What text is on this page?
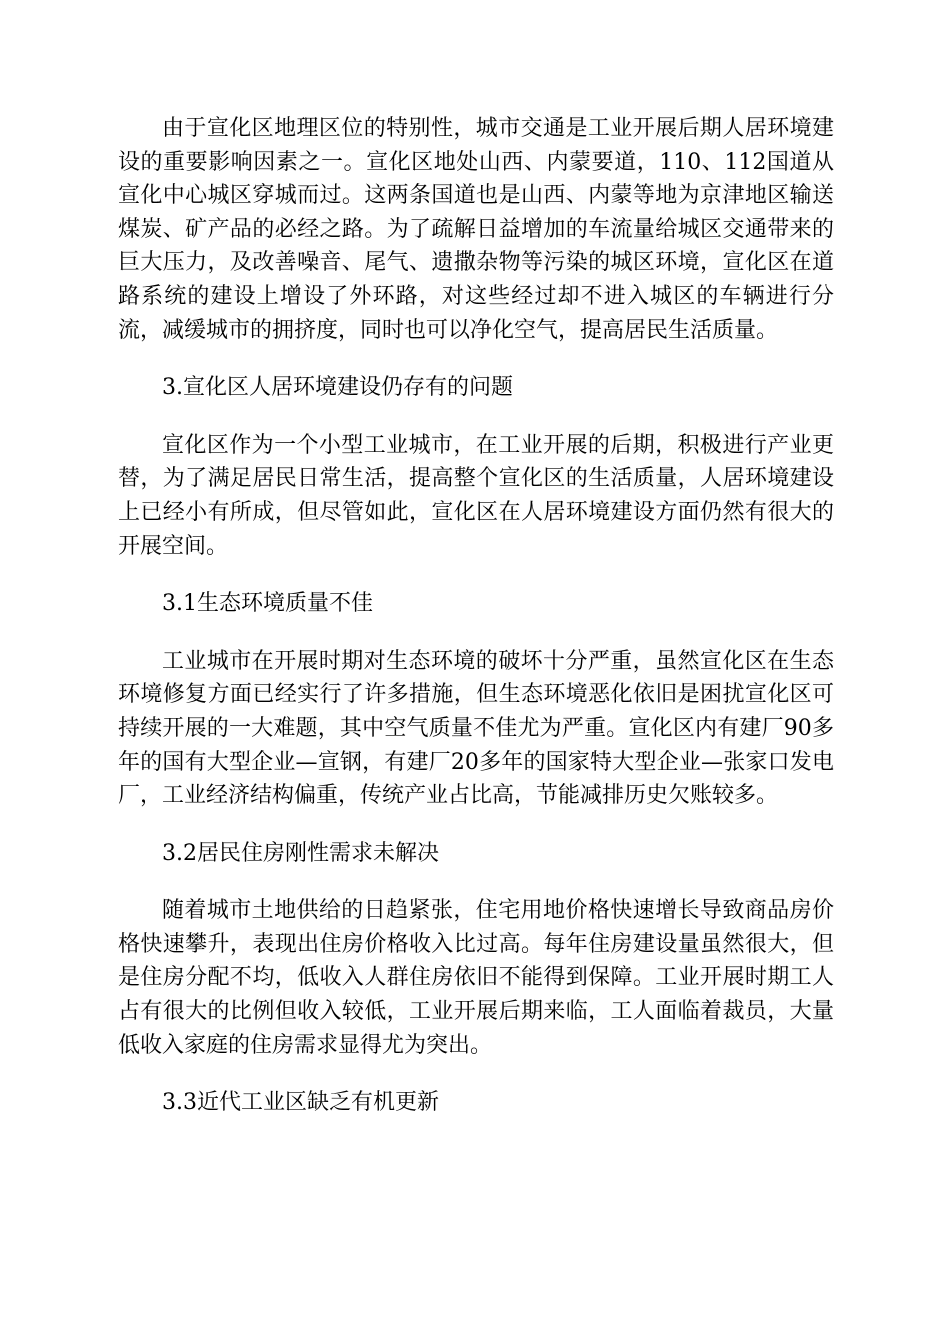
由于宣化区地理区位的特别性，城市交通是工业开展后期人居环境建设的重要影响因素之一。宣化区地处山西、内蒙要道，110、112国道从宣化中心城区穿城而过。这两条国道也是山西、内蒙等地为京津地区输送煤炭、矿产品的必经之路。为了疏解日益增加的车流量给城区交通带来的巨大压力，及改善噪音、尾气、遗撒杂物等污染的城区环境，宣化区在道路系统的建设上增设了外环路，对这些经过却不进入城区的车辆进行分流，减缓城市的拥挤度，同时也可以净化空气，提高居民生活质量。

3.宣化区人居环境建设仍存有的问题

宣化区作为一个小型工业城市，在工业开展的后期，积极进行产业更替，为了满足居民日常生活，提高整个宣化区的生活质量，人居环境建设上已经小有所成，但尽管如此，宣化区在人居环境建设方面仍然有很大的开展空间。

3.1生态环境质量不佳

工业城市在开展时期对生态环境的破坏十分严重，虽然宣化区在生态环境修复方面已经实行了许多措施，但生态环境恶化依旧是困扰宣化区可持续开展的一大难题，其中空气质量不佳尤为严重。宣化区内有建厂90多年的国有大型企业—宣钢，有建厂20多年的国家特大型企业—张家口发电厂，工业经济结构偏重，传统产业占比高，节能减排历史欠账较多。

3.2居民住房刚性需求未解决

随着城市土地供给的日趋紧张，住宅用地价格快速增长导致商品房价格快速攀升，表现出住房价格收入比过高。每年住房建设量虽然很大，但是住房分配不均，低收入人群住房依旧不能得到保障。工业开展时期工人占有很大的比例但收入较低，工业开展后期来临，工人面临着裁员，大量低收入家庭的住房需求显得尤为突出。

3.3近代工业区缺乏有机更新
